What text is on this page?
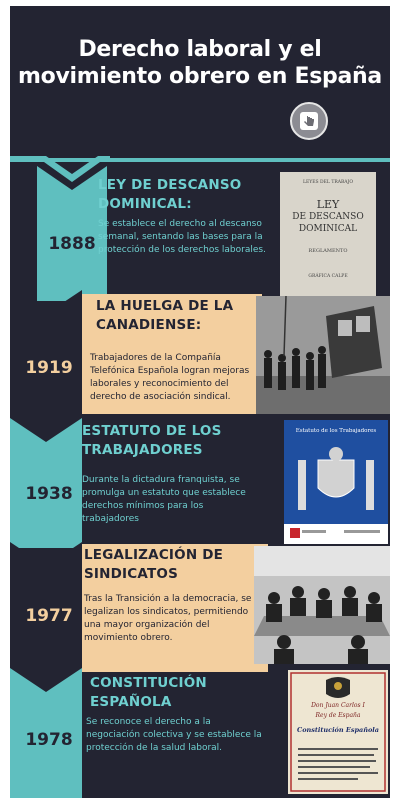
Derecho laboral y el movimiento obrero en España
1888
LEY DE DESCANSO DOMINICAL:
Se establece el derecho al descanso semanal, sentando las bases para la protección de los derechos laborales.
LEYES DEL TRABAJO
LEY
DE DESCANSO
DOMINICAL
REGLAMENTO
GRÁFICA CALPE
1919
LA HUELGA DE LA CANADIENSE:
Trabajadores de la Compañía Telefónica Española logran mejoras laborales y reconocimiento del derecho de asociación sindical.
1938
ESTATUTO DE LOS TRABAJADORES
Durante la dictadura franquista, se promulga un estatuto que establece derechos mínimos para los trabajadores
Estatuto de los Trabajadores
1977
LEGALIZACIÓN DE SINDICATOS
Tras la Transición a la democracia, se legalizan los sindicatos, permitiendo una mayor organización del movimiento obrero.
1978
CONSTITUCIÓN ESPAÑOLA
Se reconoce el derecho a la negociación colectiva y se establece la protección de la salud laboral.
Don Juan Carlos I
Rey de España
Constitución Española
